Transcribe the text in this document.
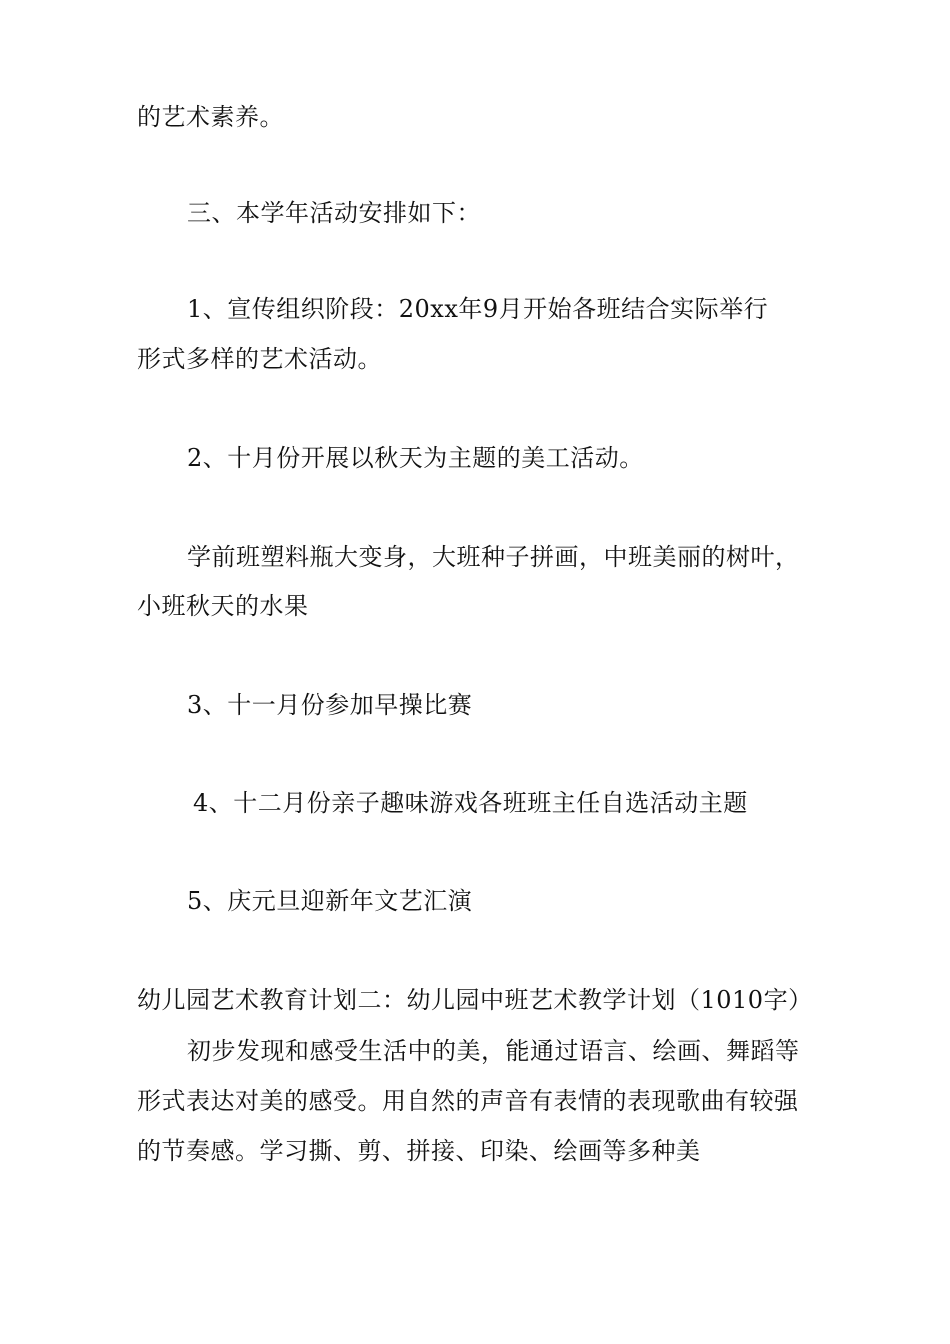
的艺术素养。
三、本学年活动安排如下：
1、宣传组织阶段：20xx年9月开始各班结合实际举行
形式多样的艺术活动。
2、十月份开展以秋天为主题的美工活动。
学前班塑料瓶大变身，大班种子拼画，中班美丽的树叶，
小班秋天的水果
3、十一月份参加早操比赛
4、十二月份亲子趣味游戏各班班主任自选活动主题
5、庆元旦迎新年文艺汇演
幼儿园艺术教育计划二：幼儿园中班艺术教学计划（1010字）
初步发现和感受生活中的美，能通过语言、绘画、舞蹈等
形式表达对美的感受。用自然的声音有表情的表现歌曲有较强
的节奏感。学习撕、剪、拼接、印染、绘画等多种美
